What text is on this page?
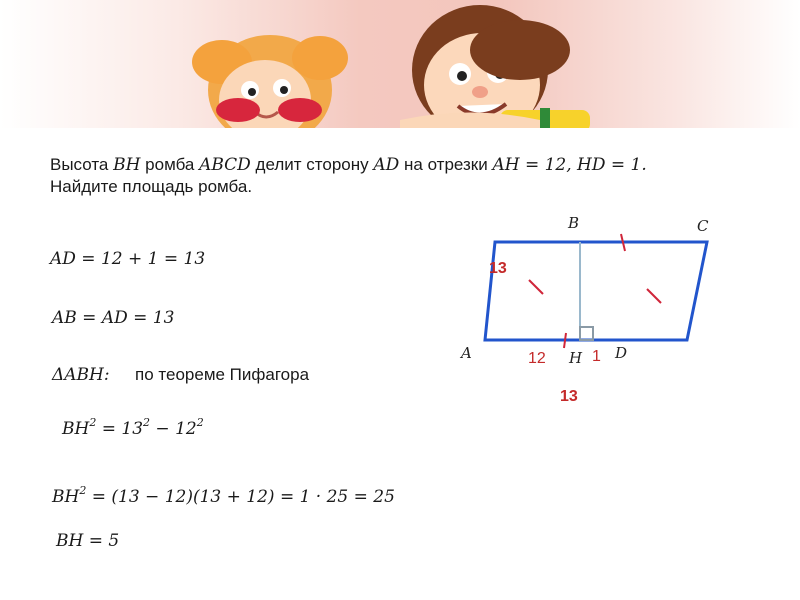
Высота BH ромба ABCD делит сторону AD на отрезки AH = 12, HD = 1.
Найдите площадь ромба.
AD = 12 + 1 = 13
AB = AD = 13
ΔABH: по теореме Пифагора
$BH^2 = 13^2 - 12^2$
$BH^2 = (13 - 12)(13 + 12) = 1 \cdot 25 = 25$
BH = 5
B	C
A	D
H
13
12	1
13
